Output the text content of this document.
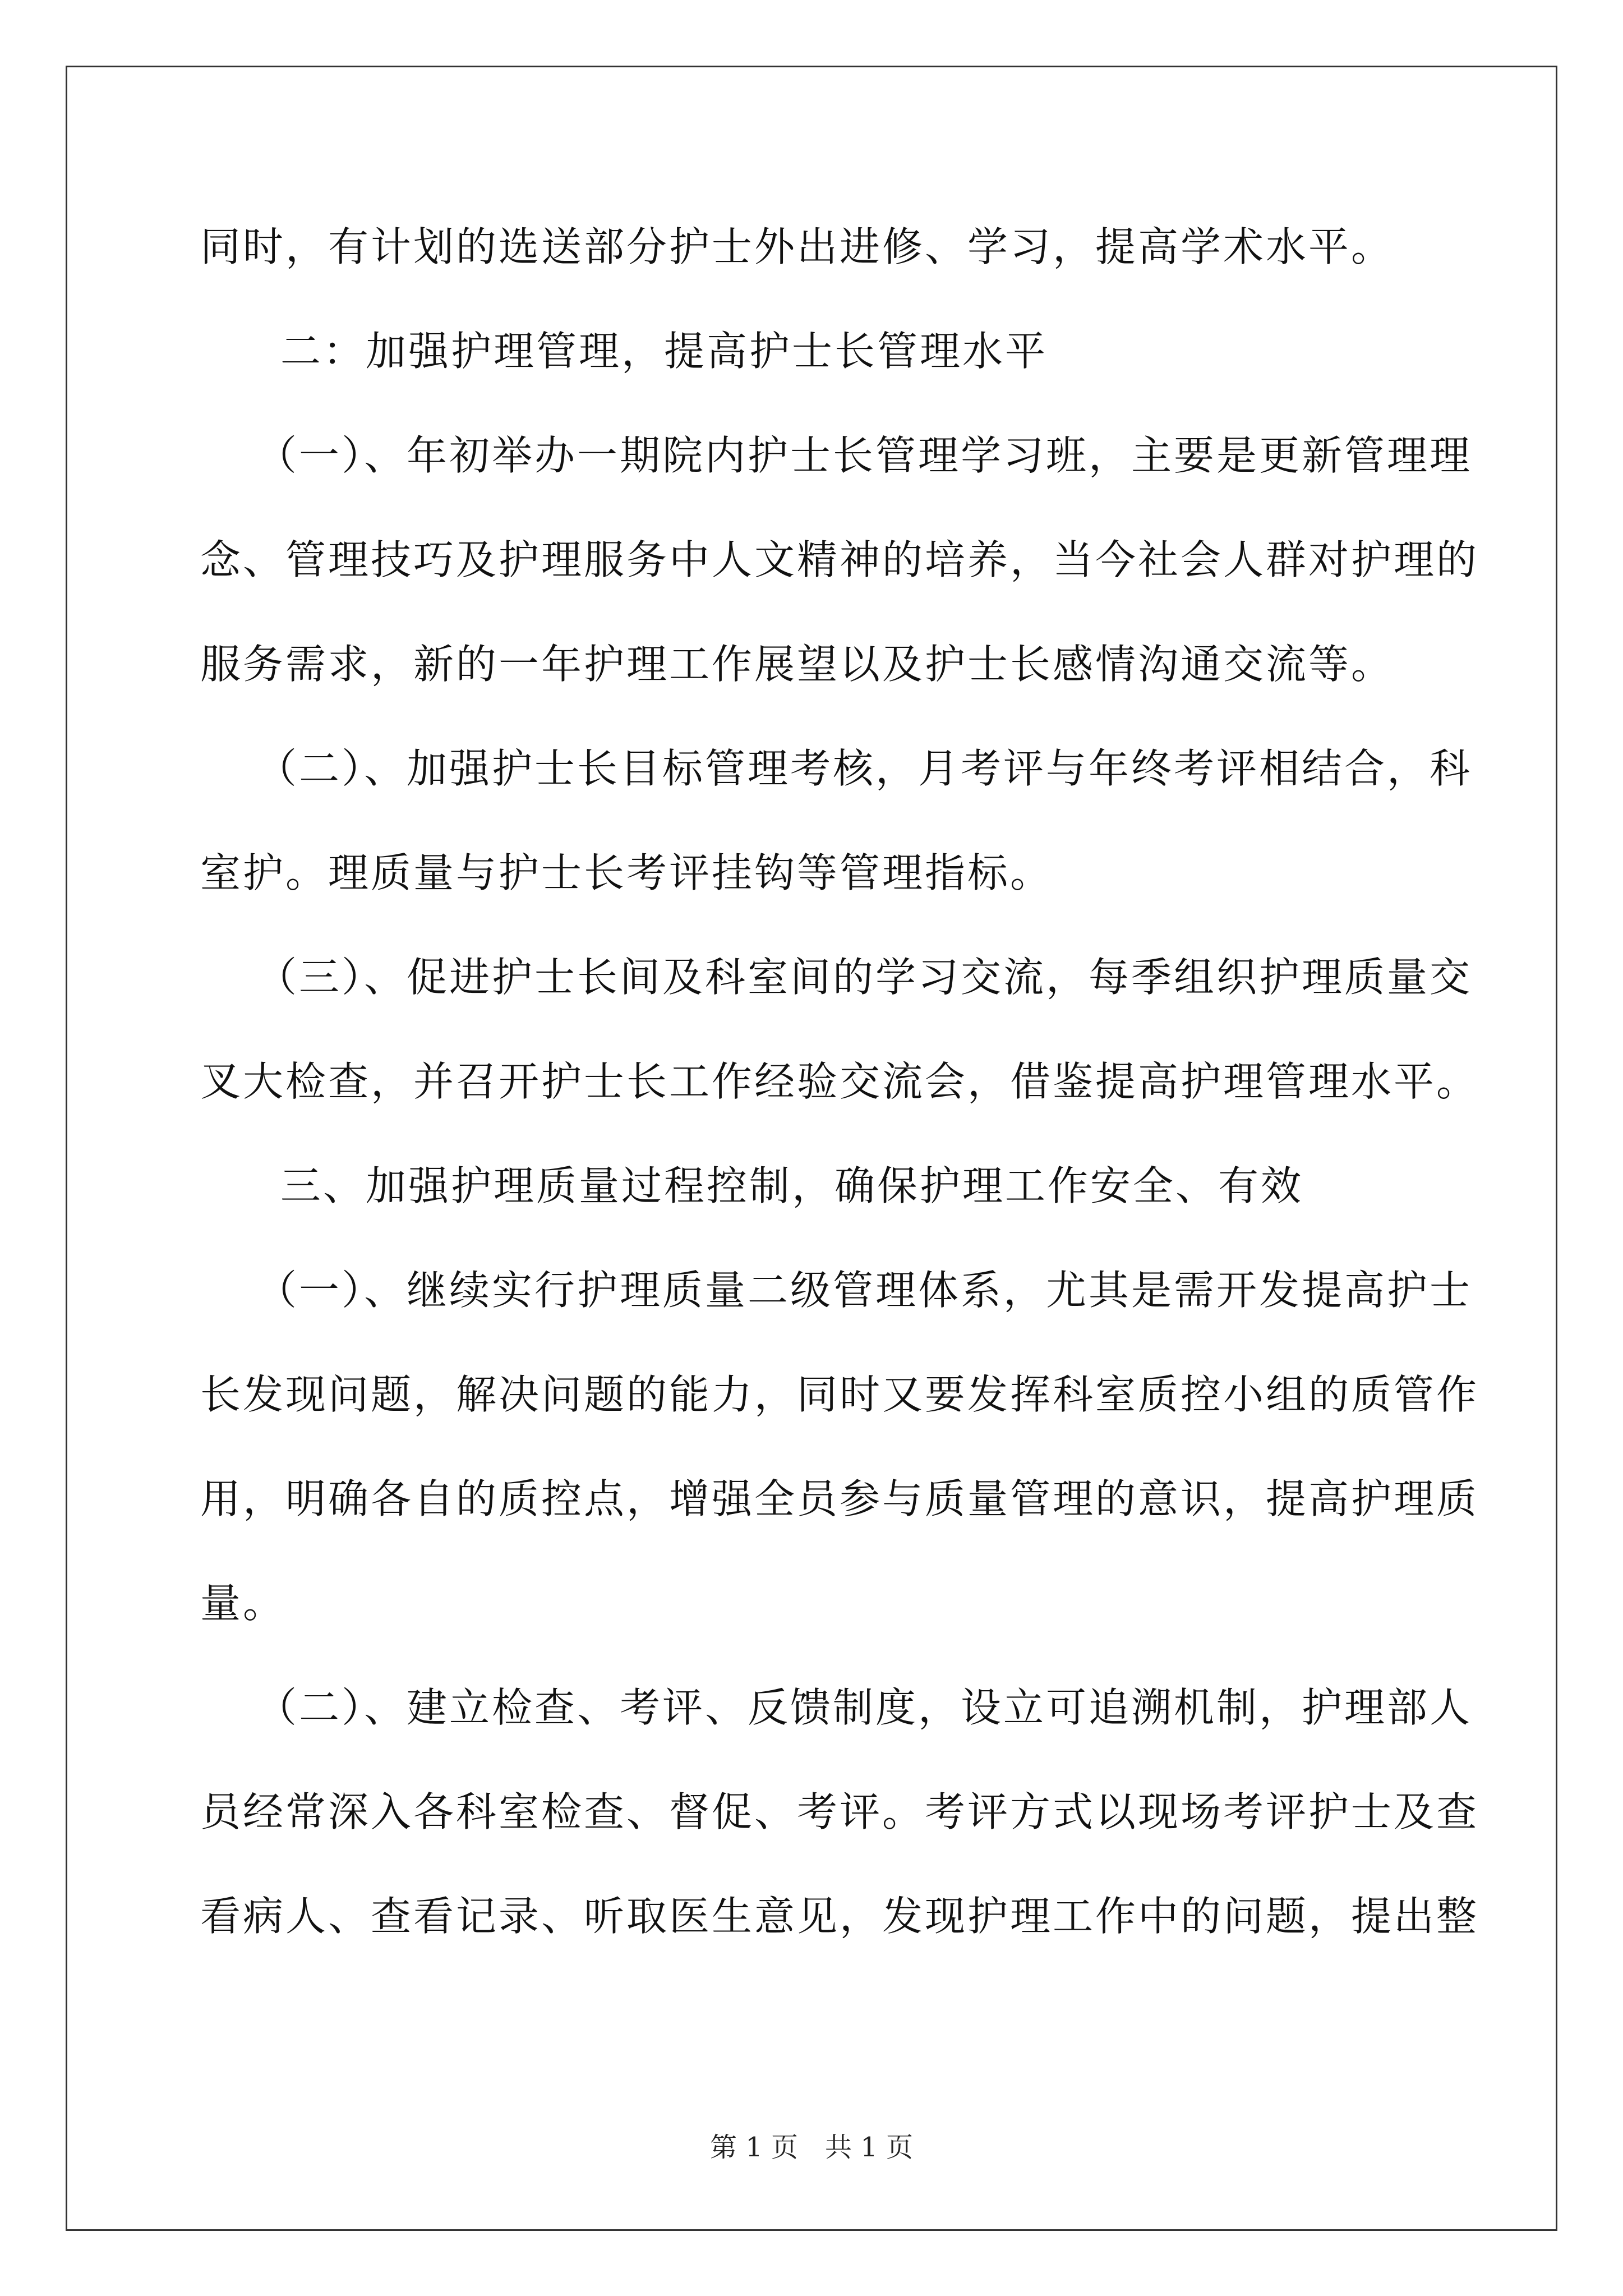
同时，有计划的选送部分护士外出进修、学习，提高学术水平。
二：加强护理管理，提高护士长管理水平
（一）、年初举办一期院内护士长管理学习班，主要是更新管理理
念、管理技巧及护理服务中人文精神的培养，当今社会人群对护理的
服务需求，新的一年护理工作展望以及护士长感情沟通交流等。
（二）、加强护士长目标管理考核，月考评与年终考评相结合，科
室护。理质量与护士长考评挂钩等管理指标。
（三）、促进护士长间及科室间的学习交流，每季组织护理质量交
叉大检查，并召开护士长工作经验交流会，借鉴提高护理管理水平。
三、加强护理质量过程控制，确保护理工作安全、有效
（一）、继续实行护理质量二级管理体系，尤其是需开发提高护士
长发现问题，解决问题的能力，同时又要发挥科室质控小组的质管作
用，明确各自的质控点，增强全员参与质量管理的意识，提高护理质
量。
（二）、建立检查、考评、反馈制度，设立可追溯机制，护理部人
员经常深入各科室检查、督促、考评。考评方式以现场考评护士及查
看病人、查看记录、听取医生意见，发现护理工作中的问题，提出整
第 1 页　共 1 页
